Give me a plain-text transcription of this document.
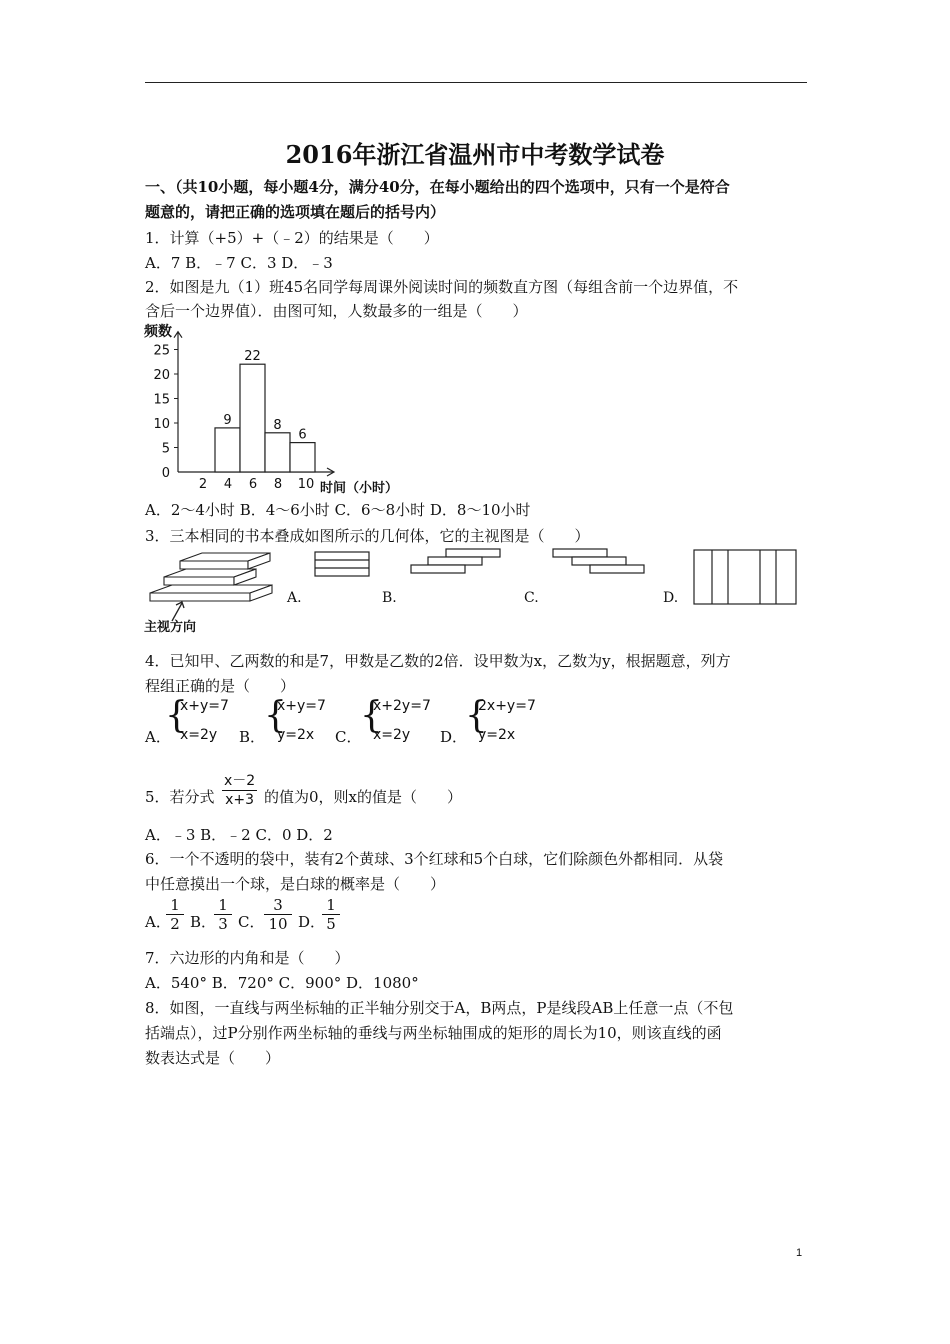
2016年浙江省温州市中考数学试卷
一、（共10小题，每小题4分，满分40分，在每小题给出的四个选项中，只有一个是符合
题意的，请把正确的选项填在题后的括号内）
1．计算（+5）+（﹣2）的结果是（　　）
A．7 B．﹣7 C．3 D．﹣3
2．如图是九（1）班45名同学每周课外阅读时间的频数直方图（每组含前一个边界值，不
含后一个边界值）．由图可知，人数最多的一组是（　　）
0
5
10
15
20
25
2 4 6 8 10
9
22
8
6
频数
时间（小时）
A．2～4小时 B．4～6小时 C．6～8小时 D．8～10小时
3．三本相同的书本叠成如图所示的几何体，它的主视图是（　　）
主视方向
A.	B.	C.	D.
4．已知甲、乙两数的和是7，甲数是乙数的2倍．设甲数为x，乙数为y，根据题意，列方
程组正确的是（　　）
A．
{
x+y=7
x=2y B．
{
x+y=7
y=2x C．
{
x+2y=7
x=2y D．
{
2x+y=7
y=2x
5．若分式 $\frac{x-2}{x+3}$ 的值为0，则x的值是（　　）
A．﹣3 B．﹣2 C．0 D．2
6．一个不透明的袋中，装有2个黄球、3个红球和5个白球，它们除颜色外都相同．从袋
中任意摸出一个球，是白球的概率是（　　）
A．
$\frac{1}{2}$ B．
$\frac{1}{3}$ C． $\frac{3}{10}$ D．
$\frac{1}{5}$
7．六边形的内角和是（　　）
A．540° B．720° C．900° D．1080°
8．如图，一直线与两坐标轴的正半轴分别交于A，B两点，P是线段AB上任意一点（不包
括端点），过P分别作两坐标轴的垂线与两坐标轴围成的矩形的周长为10，则该直线的函
数表达式是（　　）
1
